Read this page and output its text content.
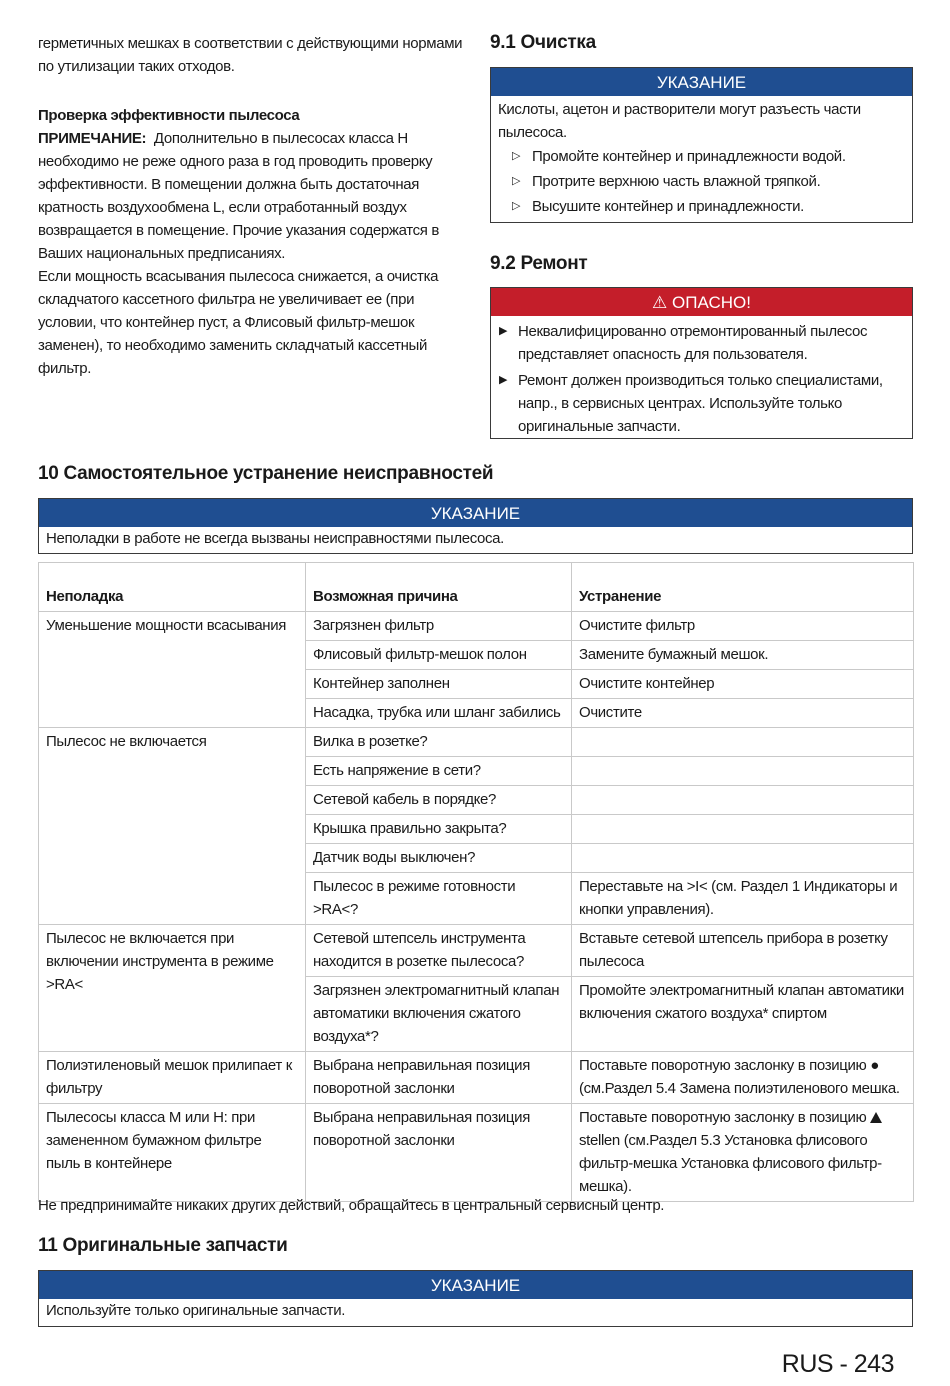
герметичных мешках в соответствии с действующими нормами по утилизации таких отходов.

Проверка эффективности пылесоса

ПРИМЕЧАНИЕ: Дополнительно в пылесосах класса H необходимо не реже одного раза в год проводить проверку эффективности. В помещении должна быть достаточная кратность воздухообмена L, если отработанный воздух возвращается в помещение. Прочие указания содержатся в Ваших национальных предписаниях.

Если мощность всасывания пылесоса снижается, а очистка складчатого кассетного фильтра не увеличивает ее (при условии, что контейнер пуст, а Флисовый фильтр-мешок заменен), то необходимо заменить складчатый кассетный фильтр.

9.1 Очистка
УКАЗАНИЕ
Кислоты, ацетон и растворители могут разъесть части пылесоса.
▷ Промойте контейнер и принадлежности водой.
▷ Протрите верхнюю часть влажной тряпкой.
▷ Высушите контейнер и принадлежности.
9.2 Ремонт
⚠ ОПАСНО!
▶ Неквалифицированно отремонтированный пылесос представляет опасность для пользователя.
▶ Ремонт должен производиться только специалистами, напр., в сервисных центрах. Используйте только оригинальные запчасти.
10 Самостоятельное устранение неисправностей
УКАЗАНИЕ
Неполадки в работе не всегда вызваны неисправностями пылесоса.
Неполадка	Возможная причина	Устранение
Уменьшение мощности всасывания	Загрязнен фильтр	Очистите фильтр
	Флисовый фильтр-мешок полон	Замените бумажный мешок.
	Контейнер заполнен	Очистите контейнер
	Насадка, трубка или шланг забились	Очистите
Пылесос не включается	Вилка в розетке?	
	Есть напряжение в сети?	
	Сетевой кабель в порядке?	
	Крышка правильно закрыта?	
	Датчик воды выключен?	
	Пылесос в режиме готовности >RA<?	Переставьте на >I< (см. Раздел 1 Индикаторы и кнопки управления).
Пылесос не включается при включении инструмента в режиме >RA<	Сетевой штепсель инструмента находится в розетке пылесоса?	Вставьте сетевой штепсель прибора в розетку пылесоса
	Загрязнен электромагнитный клапан автоматики включения сжатого воздуха*?	Промойте электромагнитный клапан автоматики включения сжатого воздуха* спиртом
Полиэтиленовый мешок прилипает к фильтру	Выбрана неправильная позиция поворотной заслонки	Поставьте поворотную заслонку в позицию ● (см.Раздел 5.4 Замена полиэтиленового мешка.
Пылесосы класса M или H: при замененном бумажном фильтре пыль в контейнере	Выбрана неправильная позиция поворотной заслонки	Поставьте поворотную заслонку в позицию stellen (см.Раздел 5.3 Установка флисового фильтр-мешка Установка флисового фильтр-мешка).
Не предпринимайте никаких других действий, обращайтесь в центральный сервисный центр.
11 Оригинальные запчасти
УКАЗАНИЕ
Используйте только оригинальные запчасти.
RUS - 243
